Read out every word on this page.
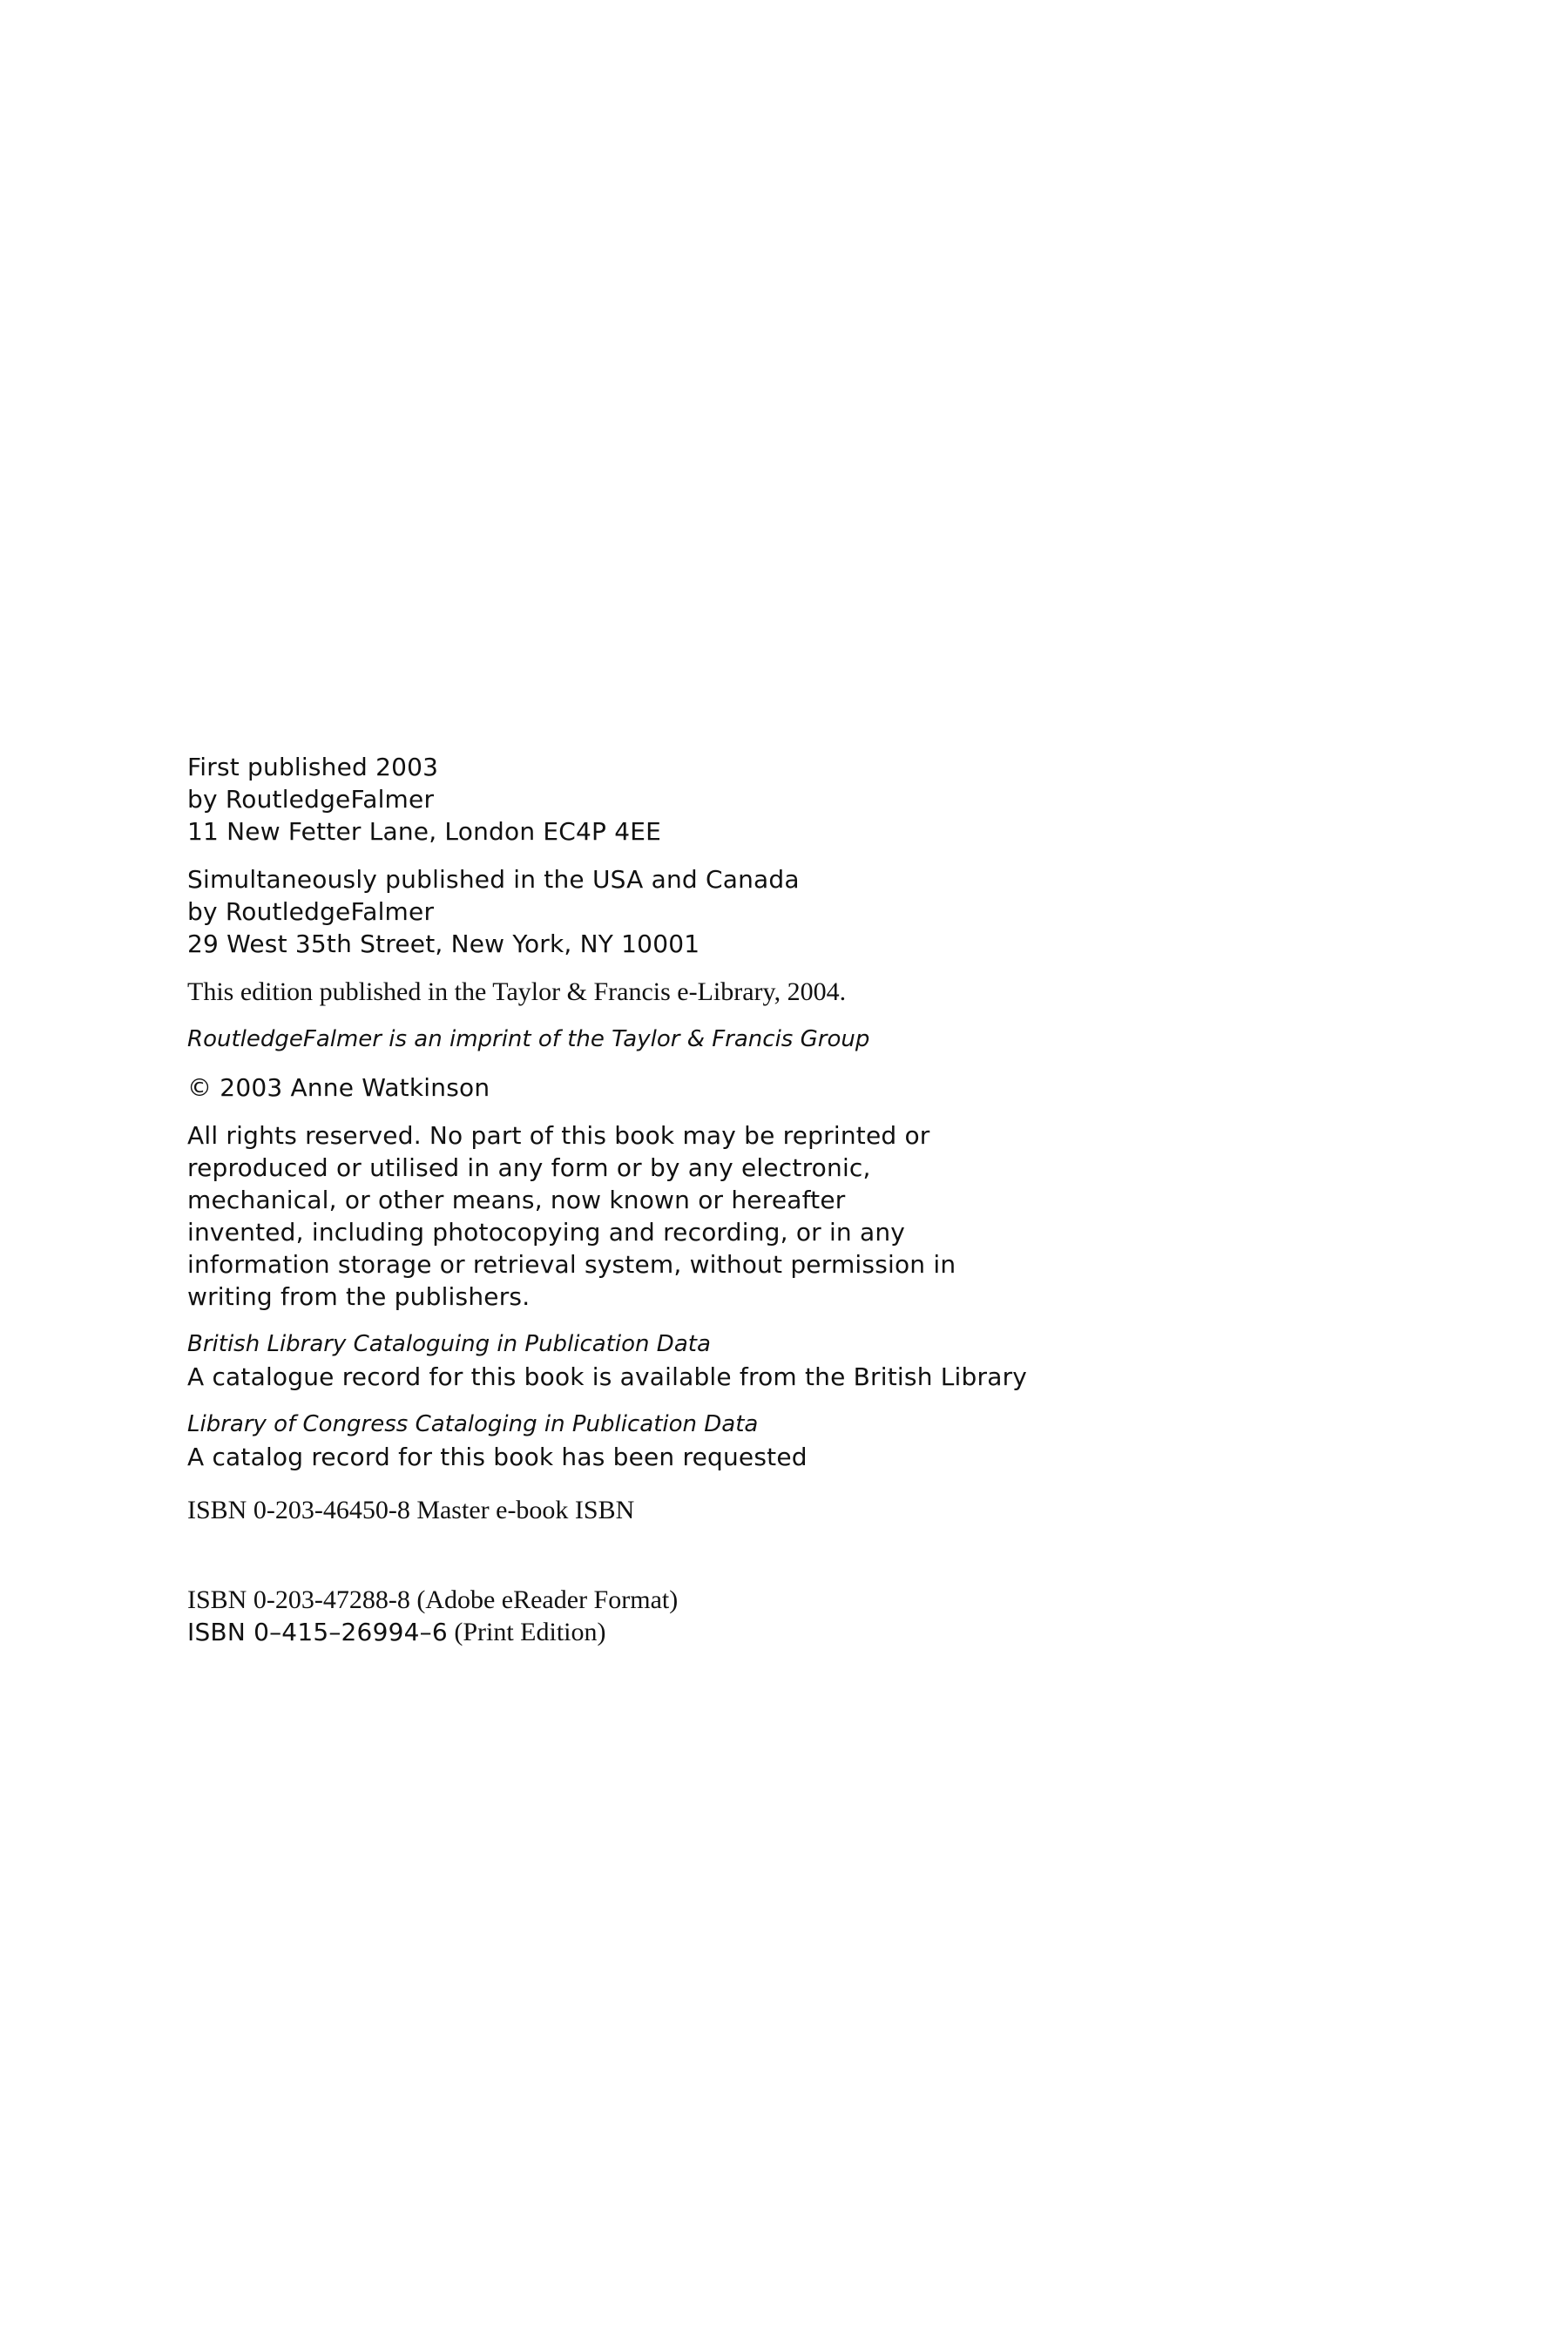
First published 2003
by RoutledgeFalmer
11 New Fetter Lane, London EC4P 4EE
Simultaneously published in the USA and Canada
by RoutledgeFalmer
29 West 35th Street, New York, NY 10001
This edition published in the Taylor & Francis e-Library, 2004.
RoutledgeFalmer is an imprint of the Taylor & Francis Group
© 2003 Anne Watkinson
All rights reserved. No part of this book may be reprinted or
reproduced or utilised in any form or by any electronic,
mechanical, or other means, now known or hereafter
invented, including photocopying and recording, or in any
information storage or retrieval system, without permission in
writing from the publishers.
British Library Cataloguing in Publication Data
A catalogue record for this book is available from the British Library
Library of Congress Cataloging in Publication Data
A catalog record for this book has been requested
ISBN 0-203-46450-8 Master e-book ISBN
ISBN 0-203-47288-8 (Adobe eReader Format)
ISBN 0–415–26994–6 (Print Edition)
